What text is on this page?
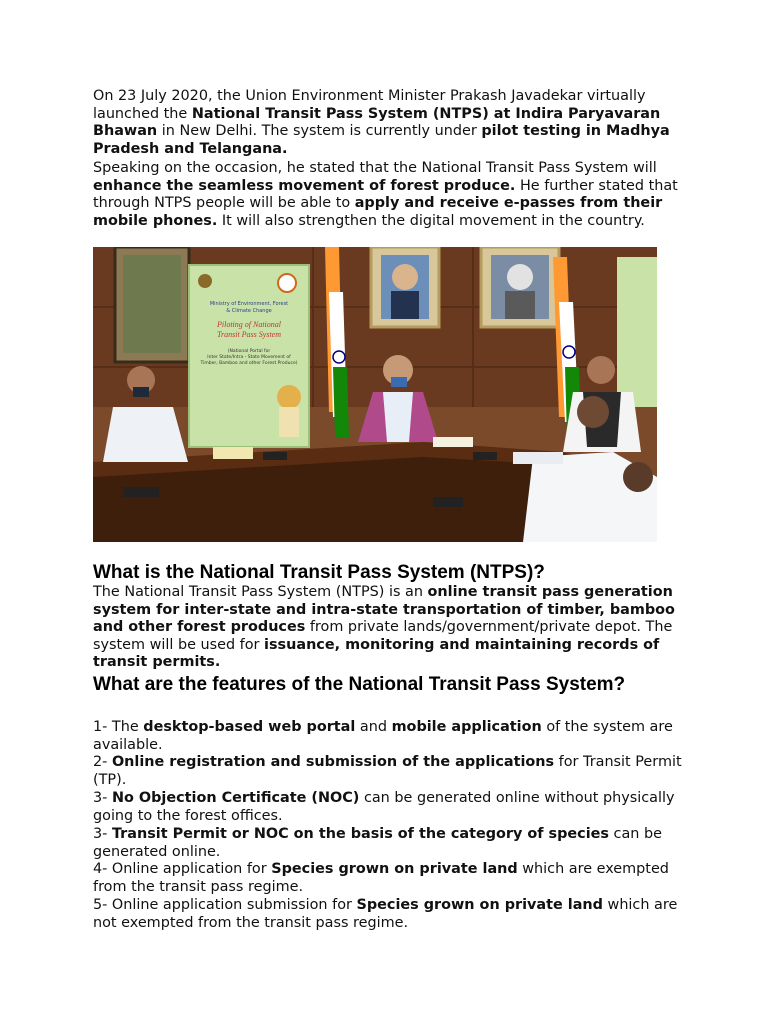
On 23 July 2020, the Union Environment Minister Prakash Javadekar virtually launched the National Transit Pass System (NTPS) at Indira Paryavaran Bhawan in New Delhi. The system is currently under pilot testing in Madhya Pradesh and Telangana.

Speaking on the occasion, he stated that the National Transit Pass System will enhance the seamless movement of forest produce. He further stated that through NTPS people will be able to apply and receive e-passes from their mobile phones. It will also strengthen the digital movement in the country.

Ministry of Environment, Forest
& Climate Change
Piloting of National
Transit Pass System
(National Portal for
Inter State/Intra - State Movement of
Timber, Bamboo and other Forest Produce)
What is the National Transit Pass System (NTPS)?

The National Transit Pass System (NTPS) is an online transit pass generation system for inter-state and intra-state transportation of timber, bamboo and other forest produces from private lands/government/private depot. The system will be used for issuance, monitoring and maintaining records of transit permits.

What are the features of the National Transit Pass System?

1- The desktop-based web portal and mobile application of the system are available.

2- Online registration and submission of the applications for Transit Permit (TP).

3- No Objection Certificate (NOC) can be generated online without physically going to the forest offices.

3- Transit Permit or NOC on the basis of the category of species can be generated online.

4- Online application for Species grown on private land which are exempted from the transit pass regime.

5- Online application submission for Species grown on private land which are not exempted from the transit pass regime.
